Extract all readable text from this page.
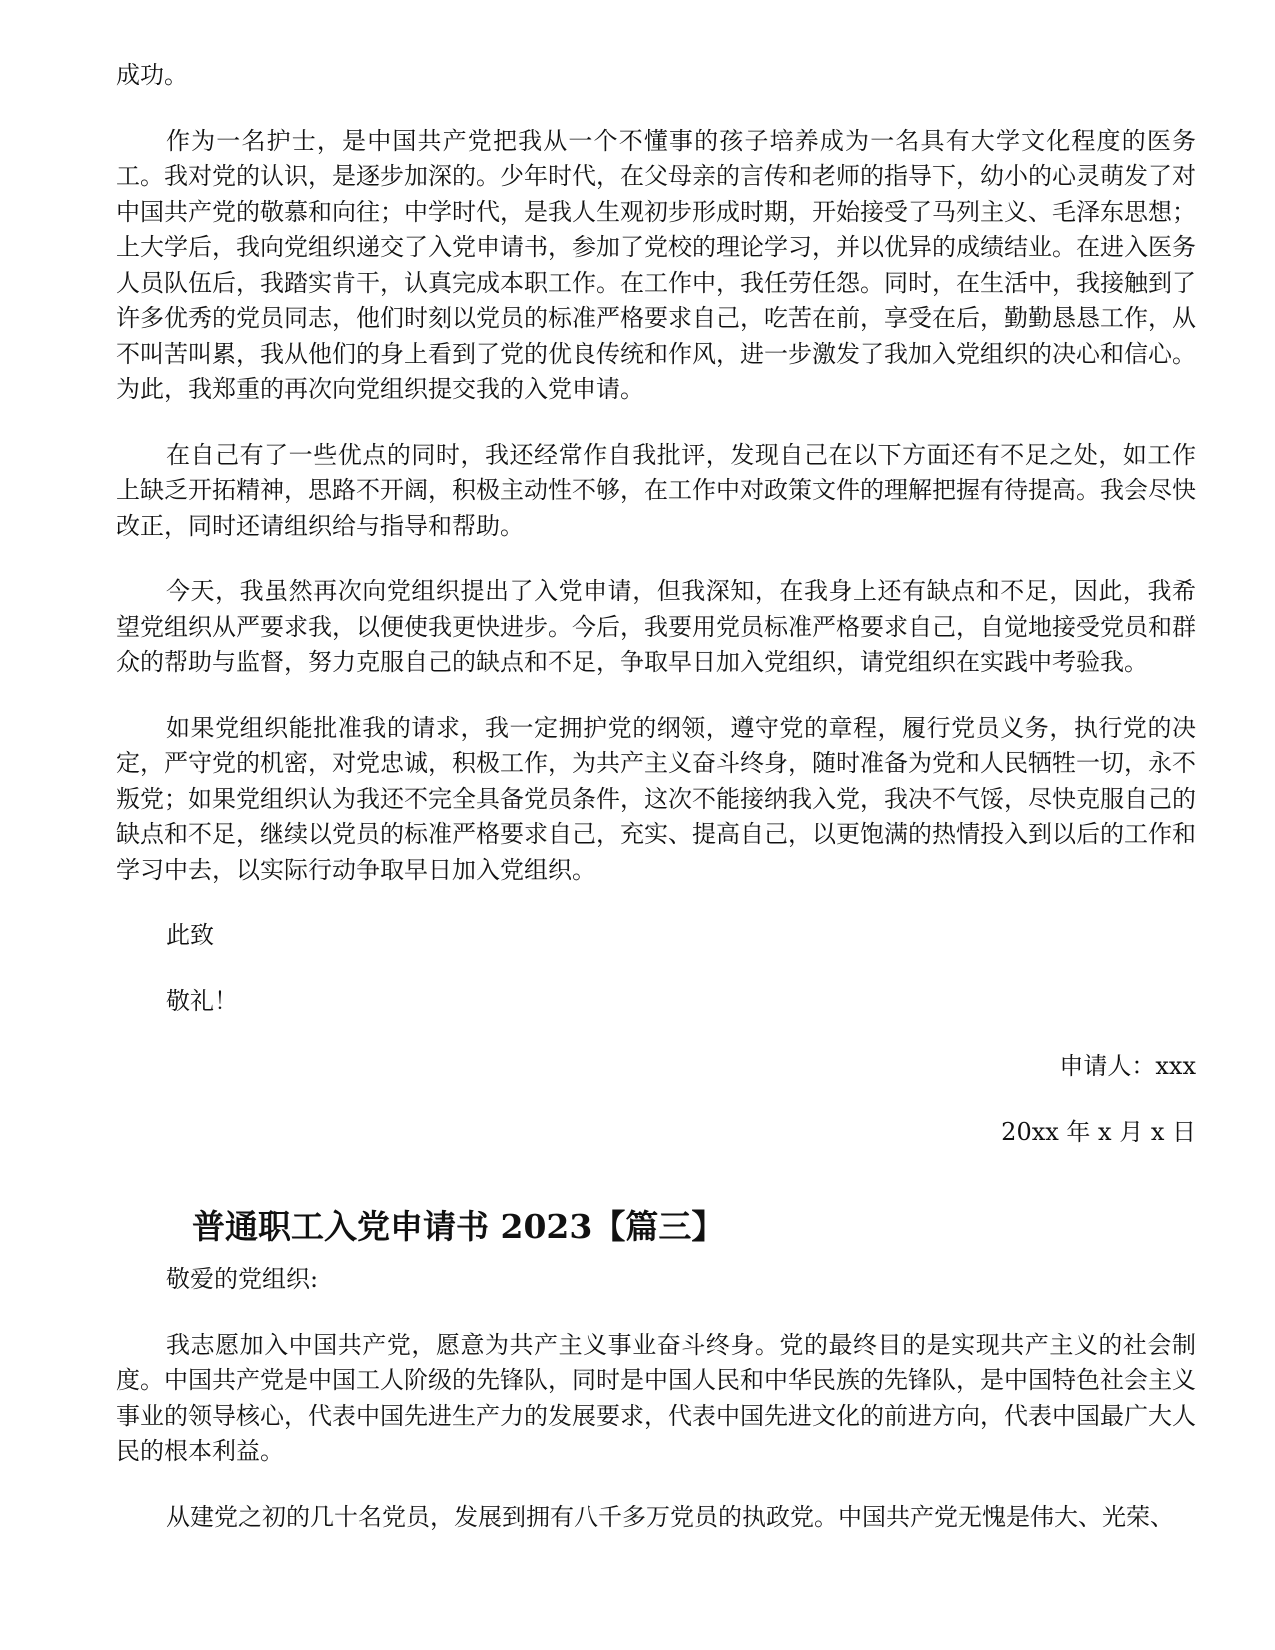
成功。

作为一名护士，是中国共产党把我从一个不懂事的孩子培养成为一名具有大学文化程度的医务工。我对党的认识，是逐步加深的。少年时代，在父母亲的言传和老师的指导下，幼小的心灵萌发了对中国共产党的敬慕和向往；中学时代，是我人生观初步形成时期，开始接受了马列主义、毛泽东思想；上大学后，我向党组织递交了入党申请书，参加了党校的理论学习，并以优异的成绩结业。在进入医务人员队伍后，我踏实肯干，认真完成本职工作。在工作中，我任劳任怨。同时，在生活中，我接触到了许多优秀的党员同志，他们时刻以党员的标准严格要求自己，吃苦在前，享受在后，勤勤恳恳工作，从不叫苦叫累，我从他们的身上看到了党的优良传统和作风，进一步激发了我加入党组织的决心和信心。为此，我郑重的再次向党组织提交我的入党申请。

在自己有了一些优点的同时，我还经常作自我批评，发现自己在以下方面还有不足之处，如工作上缺乏开拓精神，思路不开阔，积极主动性不够，在工作中对政策文件的理解把握有待提高。我会尽快改正，同时还请组织给与指导和帮助。

今天，我虽然再次向党组织提出了入党申请，但我深知，在我身上还有缺点和不足，因此，我希望党组织从严要求我，以便使我更快进步。今后，我要用党员标准严格要求自己，自觉地接受党员和群众的帮助与监督，努力克服自己的缺点和不足，争取早日加入党组织，请党组织在实践中考验我。

如果党组织能批准我的请求，我一定拥护党的纲领，遵守党的章程，履行党员义务，执行党的决定，严守党的机密，对党忠诚，积极工作，为共产主义奋斗终身，随时准备为党和人民牺牲一切，永不叛党；如果党组织认为我还不完全具备党员条件，这次不能接纳我入党，我决不气馁，尽快克服自己的缺点和不足，继续以党员的标准严格要求自己，充实、提高自己，以更饱满的热情投入到以后的工作和学习中去，以实际行动争取早日加入党组织。

此致

敬礼！

申请人：xxx

20xx 年 x 月 x 日

普通职工入党申请书 2023【篇三】

敬爱的党组织:

我志愿加入中国共产党，愿意为共产主义事业奋斗终身。党的最终目的是实现共产主义的社会制度。中国共产党是中国工人阶级的先锋队，同时是中国人民和中华民族的先锋队，是中国特色社会主义事业的领导核心，代表中国先进生产力的发展要求，代表中国先进文化的前进方向，代表中国最广大人民的根本利益。

从建党之初的几十名党员，发展到拥有八千多万党员的执政党。中国共产党无愧是伟大、光荣、
